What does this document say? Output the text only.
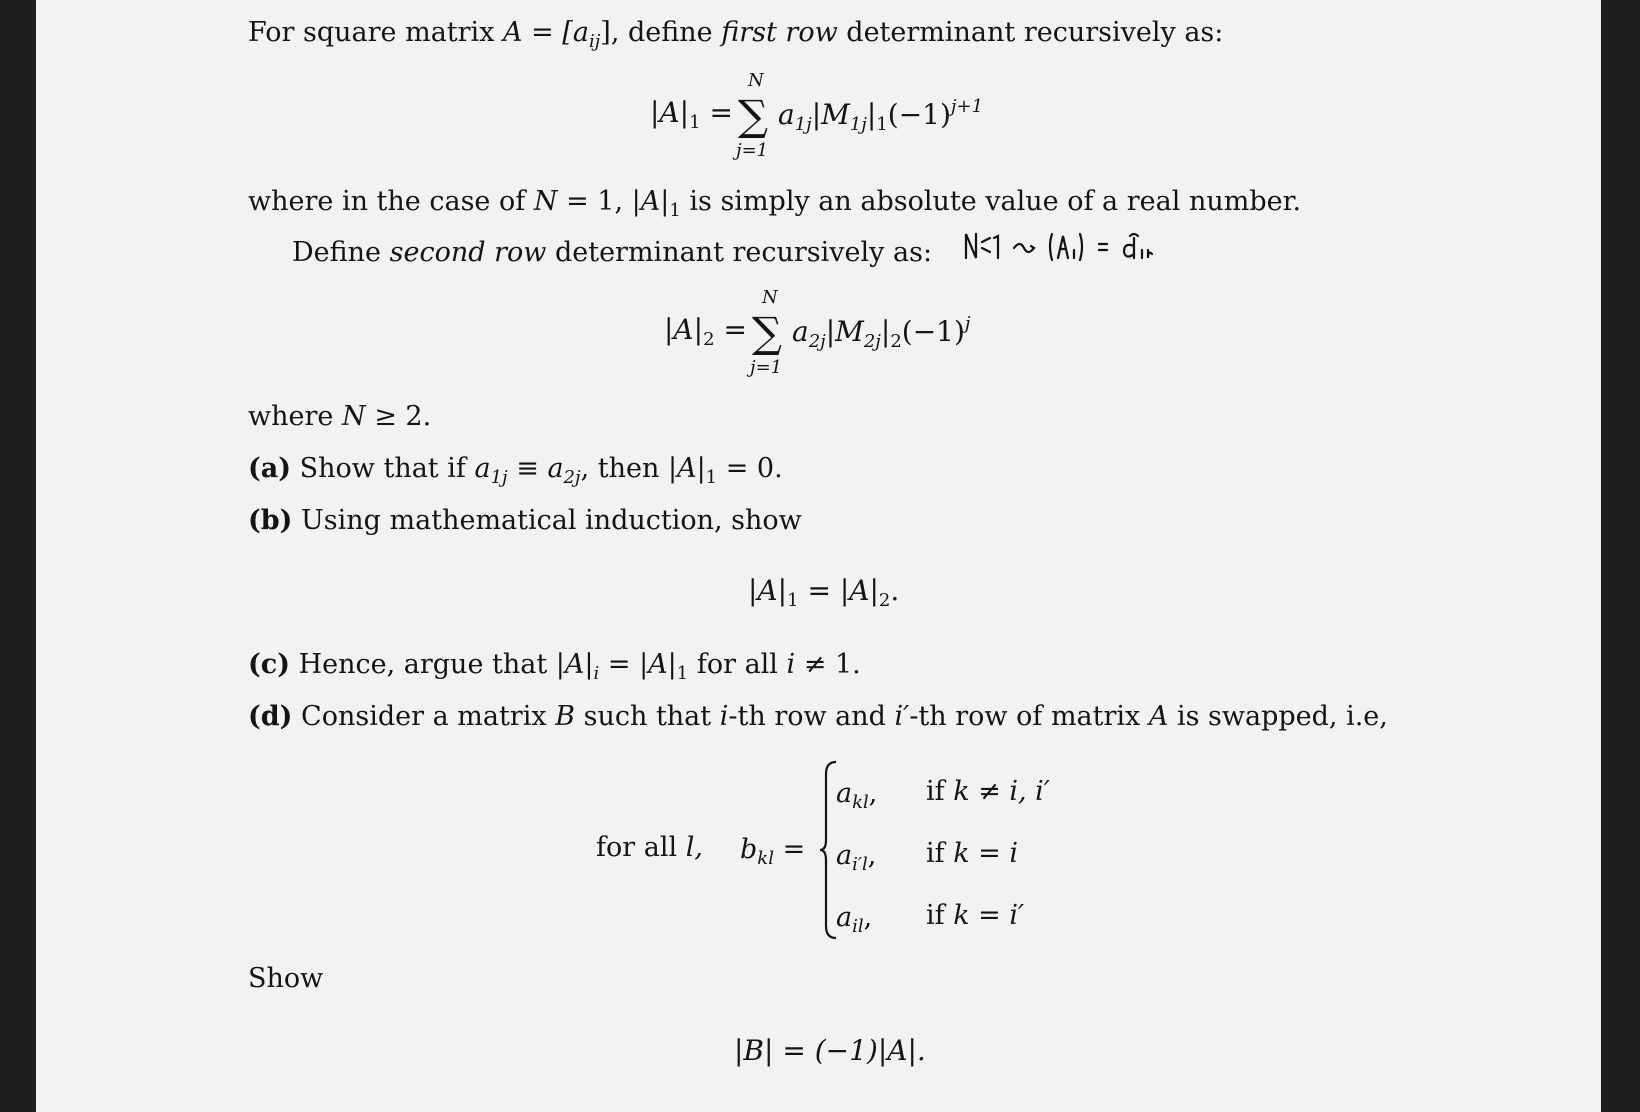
For square matrix $A = [a_{ij}]$, define first row determinant recursively as:
$|A|_1$ =
N
∑
j=1
$a_{1j}|M_{1j}|_1(-1)^{j+1}$
where in the case of N = 1, $|A|_1$ is simply an absolute value of a real number.
Define second row determinant recursively as:
$|A|_2$ =
N
∑
j=1
$a_{2j}|M_{2j}|_2(-1)^j$
where N ≥ 2.
(a) Show that if $a_{1j} \equiv a_{2j}$, then $|A|_1 = 0$.
(b) Using mathematical induction, show
$|A|_1 = |A|_2$.
(c) Hence, argue that $|A|_i = |A|_1$ for all i ≠ 1.
(d) Consider a matrix B such that i-th row and i′-th row of matrix A is swapped, i.e,
for all l, $b_{kl}$ =
$a_{kl}$, if k ≠ i, i′
$a_{i'l}$, if k = i
$a_{il}$, if k = i′
Show
|B| = (−1)|A|.
